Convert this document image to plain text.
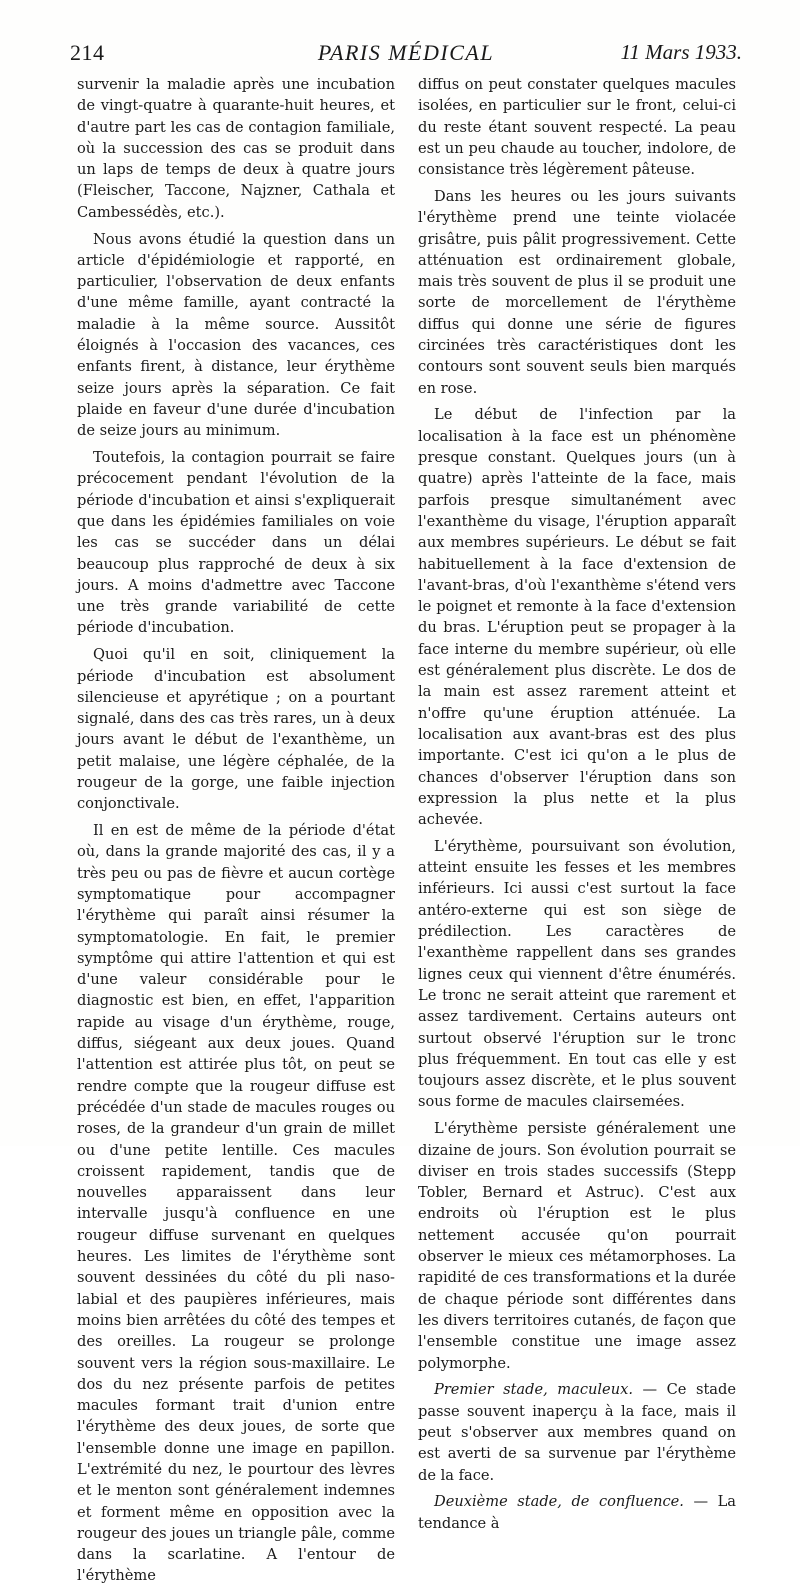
214	PARIS MÉDICAL	11 Mars 1933.

survenir la maladie après une incubation de vingt-quatre à quarante-huit heures, et d'autre part les cas de contagion familiale, où la succession des cas se produit dans un laps de temps de deux à quatre jours (Fleischer, Taccone, Najzner, Cathala et Cambessédès, etc.).

Nous avons étudié la question dans un article d'épidémiologie et rapporté, en particulier, l'observation de deux enfants d'une même famille, ayant contracté la maladie à la même source. Aussitôt éloignés à l'occasion des vacances, ces enfants firent, à distance, leur érythème seize jours après la séparation. Ce fait plaide en faveur d'une durée d'incubation de seize jours au minimum.

Toutefois, la contagion pourrait se faire précocement pendant l'évolution de la période d'incubation et ainsi s'expliquerait que dans les épidémies familiales on voie les cas se succéder dans un délai beaucoup plus rapproché de deux à six jours. A moins d'admettre avec Taccone une très grande variabilité de cette période d'incubation.

Quoi qu'il en soit, cliniquement la période d'incubation est absolument silencieuse et apyrétique ; on a pourtant signalé, dans des cas très rares, un à deux jours avant le début de l'exanthème, un petit malaise, une légère céphalée, de la rougeur de la gorge, une faible injection conjonctivale.

Il en est de même de la période d'état où, dans la grande majorité des cas, il y a très peu ou pas de fièvre et aucun cortège symptomatique pour accompagner l'érythème qui paraît ainsi résumer la symptomatologie. En fait, le premier symptôme qui attire l'attention et qui est d'une valeur considérable pour le diagnostic est bien, en effet, l'apparition rapide au visage d'un érythème, rouge, diffus, siégeant aux deux joues. Quand l'attention est attirée plus tôt, on peut se rendre compte que la rougeur diffuse est précédée d'un stade de macules rouges ou roses, de la grandeur d'un grain de millet ou d'une petite lentille. Ces macules croissent rapidement, tandis que de nouvelles apparaissent dans leur intervalle jusqu'à confluence en une rougeur diffuse survenant en quelques heures. Les limites de l'érythème sont souvent dessinées du côté du pli naso-labial et des paupières inférieures, mais moins bien arrêtées du côté des tempes et des oreilles. La rougeur se prolonge souvent vers la région sous-maxillaire. Le dos du nez présente parfois de petites macules formant trait d'union entre l'érythème des deux joues, de sorte que l'ensemble donne une image en papillon. L'extrémité du nez, le pourtour des lèvres et le menton sont généralement indemnes et forment même en opposition avec la rougeur des joues un triangle pâle, comme dans la scarlatine. A l'entour de l'érythème

diffus on peut constater quelques macules isolées, en particulier sur le front, celui-ci du reste étant souvent respecté. La peau est un peu chaude au toucher, indolore, de consistance très légèrement pâteuse.

Dans les heures ou les jours suivants l'érythème prend une teinte violacée grisâtre, puis pâlit progressivement. Cette atténuation est ordinairement globale, mais très souvent de plus il se produit une sorte de morcellement de l'érythème diffus qui donne une série de figures circinées très caractéristiques dont les contours sont souvent seuls bien marqués en rose.

Le début de l'infection par la localisation à la face est un phénomène presque constant. Quelques jours (un à quatre) après l'atteinte de la face, mais parfois presque simultanément avec l'exanthème du visage, l'éruption apparaît aux membres supérieurs. Le début se fait habituellement à la face d'extension de l'avant-bras, d'où l'exanthème s'étend vers le poignet et remonte à la face d'extension du bras. L'éruption peut se propager à la face interne du membre supérieur, où elle est généralement plus discrète. Le dos de la main est assez rarement atteint et n'offre qu'une éruption atténuée. La localisation aux avant-bras est des plus importante. C'est ici qu'on a le plus de chances d'observer l'éruption dans son expression la plus nette et la plus achevée.

L'érythème, poursuivant son évolution, atteint ensuite les fesses et les membres inférieurs. Ici aussi c'est surtout la face antéro-externe qui est son siège de prédilection. Les caractères de l'exanthème rappellent dans ses grandes lignes ceux qui viennent d'être énumérés. Le tronc ne serait atteint que rarement et assez tardivement. Certains auteurs ont surtout observé l'éruption sur le tronc plus fréquemment. En tout cas elle y est toujours assez discrète, et le plus souvent sous forme de macules clairsemées.

L'érythème persiste généralement une dizaine de jours. Son évolution pourrait se diviser en trois stades successifs (Stepp Tobler, Bernard et Astruc). C'est aux endroits où l'éruption est le plus nettement accusée qu'on pourrait observer le mieux ces métamorphoses. La rapidité de ces transformations et la durée de chaque période sont différentes dans les divers territoires cutanés, de façon que l'ensemble constitue une image assez polymorphe.

Premier stade, maculeux. — Ce stade passe souvent inaperçu à la face, mais il peut s'observer aux membres quand on est averti de sa survenue par l'érythème de la face.

Deuxième stade, de confluence. — La tendance à
